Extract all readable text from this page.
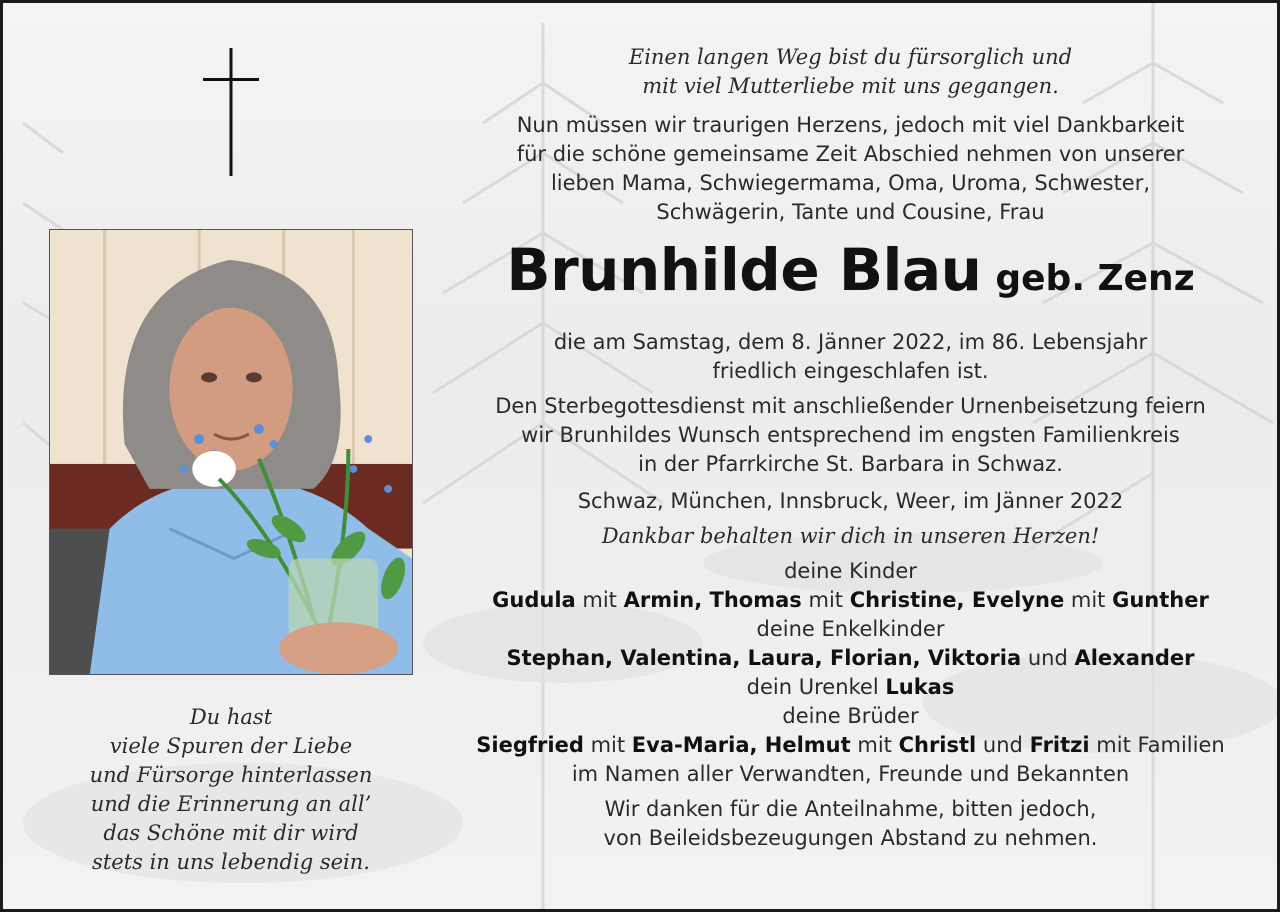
Du hast
viele Spuren der Liebe
und Fürsorge hinterlassen
und die Erinnerung an all’
das Schöne mit dir wird
stets in uns lebendig sein.
Einen langen Weg bist du fürsorglich und
mit viel Mutterliebe mit uns gegangen.
Nun müssen wir traurigen Herzens, jedoch mit viel Dankbarkeit
für die schöne gemeinsame Zeit Abschied nehmen von unserer
lieben Mama, Schwiegermama, Oma, Uroma, Schwester,
Schwägerin, Tante und Cousine, Frau
Brunhilde Blau geb. Zenz
die am Samstag, dem 8. Jänner 2022, im 86. Lebensjahr
friedlich eingeschlafen ist.
Den Sterbegottesdienst mit anschließender Urnenbeisetzung feiern
wir Brunhildes Wunsch entsprechend im engsten Familienkreis
in der Pfarrkirche St. Barbara in Schwaz.
Schwaz, München, Innsbruck, Weer, im Jänner 2022
Dankbar behalten wir dich in unseren Herzen!
deine Kinder
Gudula mit Armin, Thomas mit Christine, Evelyne mit Gunther
deine Enkelkinder
Stephan, Valentina, Laura, Florian, Viktoria und Alexander
dein Urenkel Lukas
deine Brüder
Siegfried mit Eva-Maria, Helmut mit Christl und Fritzi mit Familien
im Namen aller Verwandten, Freunde und Bekannten
Wir danken für die Anteilnahme, bitten jedoch,
von Beileidsbezeugungen Abstand zu nehmen.
